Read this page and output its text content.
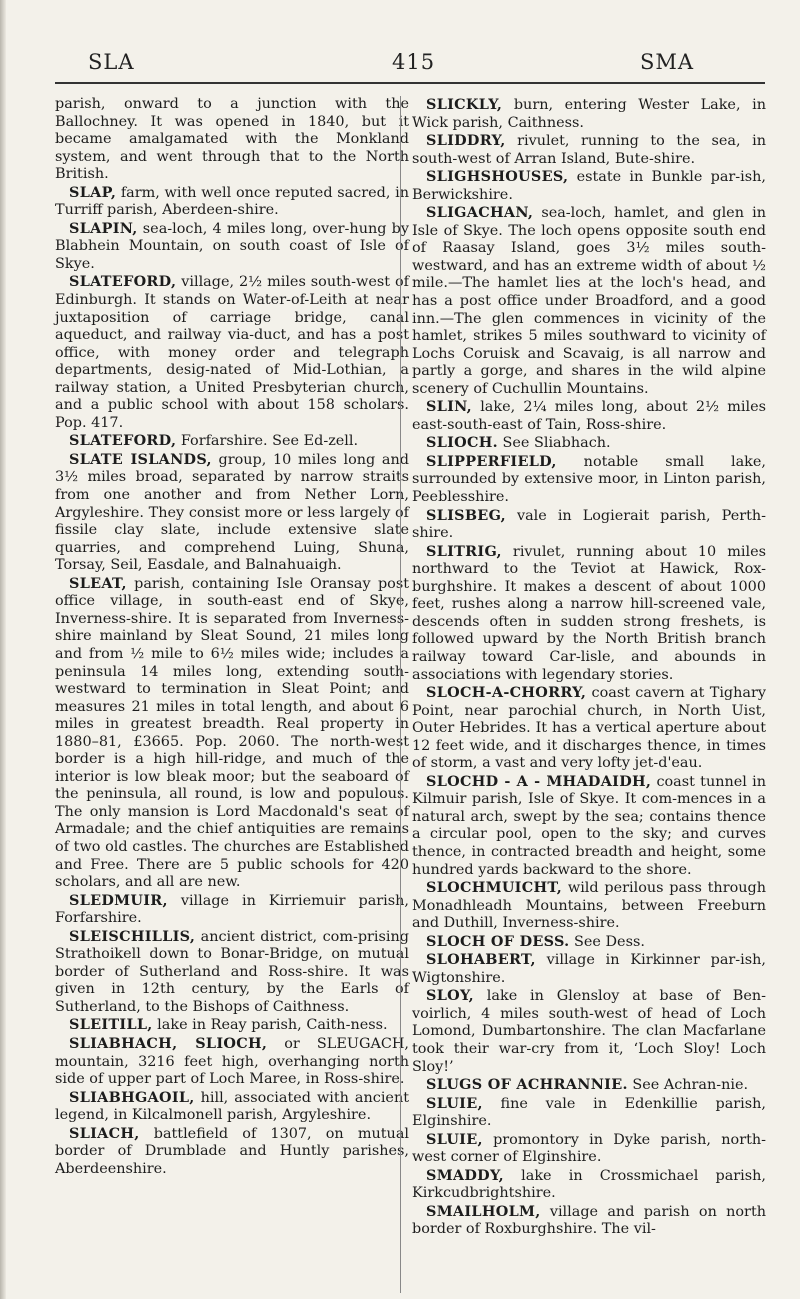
SLA	415	SMA

parish, onward to a junction with the Ballochney. It was opened in 1840, but it became amalgamated with the Monkland system, and went through that to the North British.

SLAP, farm, with well once reputed sacred, in Turriff parish, Aberdeen-shire.

SLAPIN, sea-loch, 4 miles long, over-hung by Blabhein Mountain, on south coast of Isle of Skye.

SLATEFORD, village, 2½ miles south-west of Edinburgh. It stands on Water-of-Leith at near juxtaposition of carriage bridge, canal aqueduct, and railway via-duct, and has a post office, with money order and telegraph departments, desig-nated of Mid-Lothian, a railway station, a United Presbyterian church, and a public school with about 158 scholars. Pop. 417.

SLATEFORD, Forfarshire. See Ed-zell.

SLATE ISLANDS, group, 10 miles long and 3½ miles broad, separated by narrow straits from one another and from Nether Lorn, Argyleshire. They consist more or less largely of fissile clay slate, include extensive slate quarries, and comprehend Luing, Shuna, Torsay, Seil, Easdale, and Balnahuaigh.

SLEAT, parish, containing Isle Oransay post office village, in south-east end of Skye, Inverness-shire. It is separated from Inverness-shire mainland by Sleat Sound, 21 miles long and from ½ mile to 6½ miles wide; includes a peninsula 14 miles long, extending south-westward to termination in Sleat Point; and measures 21 miles in total length, and about 6 miles in greatest breadth. Real property in 1880–81, £3665. Pop. 2060. The north-west border is a high hill-ridge, and much of the interior is low bleak moor; but the seaboard of the peninsula, all round, is low and populous. The only mansion is Lord Macdonald's seat of Armadale; and the chief antiquities are remains of two old castles. The churches are Established and Free. There are 5 public schools for 420 scholars, and all are new.

SLEDMUIR, village in Kirriemuir parish, Forfarshire.

SLEISCHILLIS, ancient district, com-prising Strathoikell down to Bonar-Bridge, on mutual border of Sutherland and Ross-shire. It was given in 12th century, by the Earls of Sutherland, to the Bishops of Caithness.

SLEITILL, lake in Reay parish, Caith-ness.

SLIABHACH, SLIOCH, or SLEUGACH, mountain, 3216 feet high, overhanging north side of upper part of Loch Maree, in Ross-shire.

SLIABHGAOIL, hill, associated with ancient legend, in Kilcalmonell parish, Argyleshire.

SLIACH, battlefield of 1307, on mutual border of Drumblade and Huntly parishes, Aberdeenshire.

SLICKLY, burn, entering Wester Lake, in Wick parish, Caithness.

SLIDDRY, rivulet, running to the sea, in south-west of Arran Island, Bute-shire.

SLIGHSHOUSES, estate in Bunkle par-ish, Berwickshire.

SLIGACHAN, sea-loch, hamlet, and glen in Isle of Skye. The loch opens opposite south end of Raasay Island, goes 3½ miles south-westward, and has an extreme width of about ½ mile.—The hamlet lies at the loch's head, and has a post office under Broadford, and a good inn.—The glen commences in vicinity of the hamlet, strikes 5 miles southward to vicinity of Lochs Coruisk and Scavaig, is all narrow and partly a gorge, and shares in the wild alpine scenery of Cuchullin Mountains.

SLIN, lake, 2¼ miles long, about 2½ miles east-south-east of Tain, Ross-shire.

SLIOCH. See Sliabhach.

SLIPPERFIELD, notable small lake, surrounded by extensive moor, in Linton parish, Peeblesshire.

SLISBEG, vale in Logierait parish, Perth-shire.

SLITRIG, rivulet, running about 10 miles northward to the Teviot at Hawick, Rox-burghshire. It makes a descent of about 1000 feet, rushes along a narrow hill-screened vale, descends often in sudden strong freshets, is followed upward by the North British branch railway toward Car-lisle, and abounds in associations with legendary stories.

SLOCH-A-CHORRY, coast cavern at Tighary Point, near parochial church, in North Uist, Outer Hebrides. It has a vertical aperture about 12 feet wide, and it discharges thence, in times of storm, a vast and very lofty jet-d'eau.

SLOCHD - A - MHADAIDH, coast tunnel in Kilmuir parish, Isle of Skye. It com-mences in a natural arch, swept by the sea; contains thence a circular pool, open to the sky; and curves thence, in contracted breadth and height, some hundred yards backward to the shore.

SLOCHMUICHT, wild perilous pass through Monadhleadh Mountains, between Freeburn and Duthill, Inverness-shire.

SLOCH OF DESS. See Dess.

SLOHABERT, village in Kirkinner par-ish, Wigtonshire.

SLOY, lake in Glensloy at base of Ben-voirlich, 4 miles south-west of head of Loch Lomond, Dumbartonshire. The clan Macfarlane took their war-cry from it, ‘Loch Sloy! Loch Sloy!’

SLUGS OF ACHRANNIE. See Achran-nie.

SLUIE, fine vale in Edenkillie parish, Elginshire.

SLUIE, promontory in Dyke parish, north-west corner of Elginshire.

SMADDY, lake in Crossmichael parish, Kirkcudbrightshire.

SMAILHOLM, village and parish on north border of Roxburghshire. The vil-
